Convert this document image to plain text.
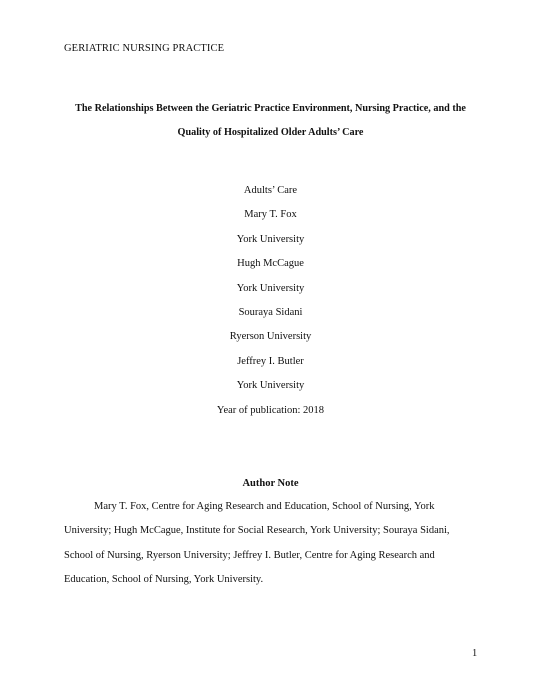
GERIATRIC NURSING PRACTICE
The Relationships Between the Geriatric Practice Environment, Nursing Practice, and the
Quality of Hospitalized Older Adults’ Care
Adults’ Care
Mary T. Fox
York University
Hugh McCague
York University
Souraya Sidani
Ryerson University
Jeffrey I. Butler
York University
Year of publication: 2018
Author Note
Mary T. Fox, Centre for Aging Research and Education, School of Nursing, York
University; Hugh McCague, Institute for Social Research, York University; Souraya Sidani,
School of Nursing, Ryerson University; Jeffrey I. Butler, Centre for Aging Research and
Education, School of Nursing, York University.
1
